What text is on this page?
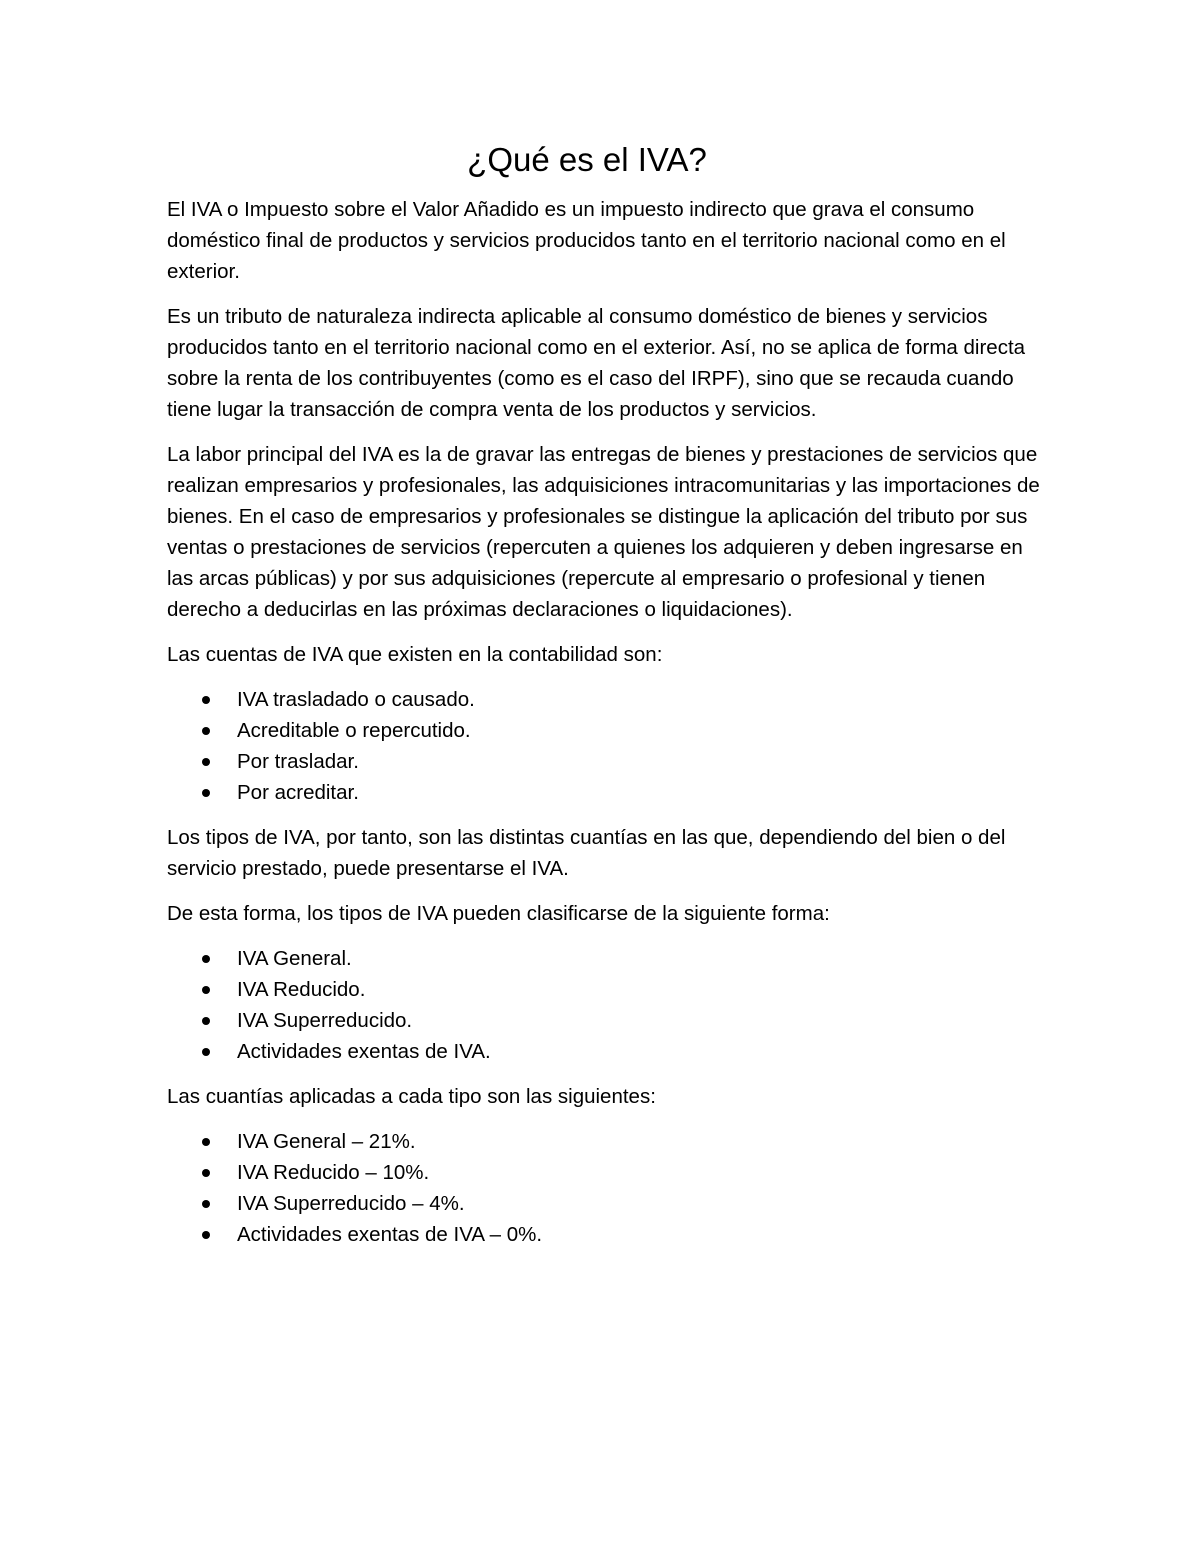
¿Qué es el IVA?

El IVA o Impuesto sobre el Valor Añadido es un impuesto indirecto que grava el consumo doméstico final de productos y servicios producidos tanto en el territorio nacional como en el exterior.

Es un tributo de naturaleza indirecta aplicable al consumo doméstico de bienes y servicios producidos tanto en el territorio nacional como en el exterior. Así, no se aplica de forma directa sobre la renta de los contribuyentes (como es el caso del IRPF), sino que se recauda cuando tiene lugar la transacción de compra venta de los productos y servicios.

La labor principal del IVA es la de gravar las entregas de bienes y prestaciones de servicios que realizan empresarios y profesionales, las adquisiciones intracomunitarias y las importaciones de bienes. En el caso de empresarios y profesionales se distingue la aplicación del tributo por sus ventas o prestaciones de servicios (repercuten a quienes los adquieren y deben ingresarse en las arcas públicas) y por sus adquisiciones (repercute al empresario o profesional y tienen derecho a deducirlas en las próximas declaraciones o liquidaciones).

Las cuentas de IVA que existen en la contabilidad son:

IVA trasladado o causado.
Acreditable o repercutido.
Por trasladar.
Por acreditar.

Los tipos de IVA, por tanto, son las distintas cuantías en las que, dependiendo del bien o del servicio prestado, puede presentarse el IVA.

De esta forma, los tipos de IVA pueden clasificarse de la siguiente forma:

IVA General.
IVA Reducido.
IVA Superreducido.
Actividades exentas de IVA.

Las cuantías aplicadas a cada tipo son las siguientes:

IVA General – 21%.
IVA Reducido – 10%.
IVA Superreducido – 4%.
Actividades exentas de IVA – 0%.
